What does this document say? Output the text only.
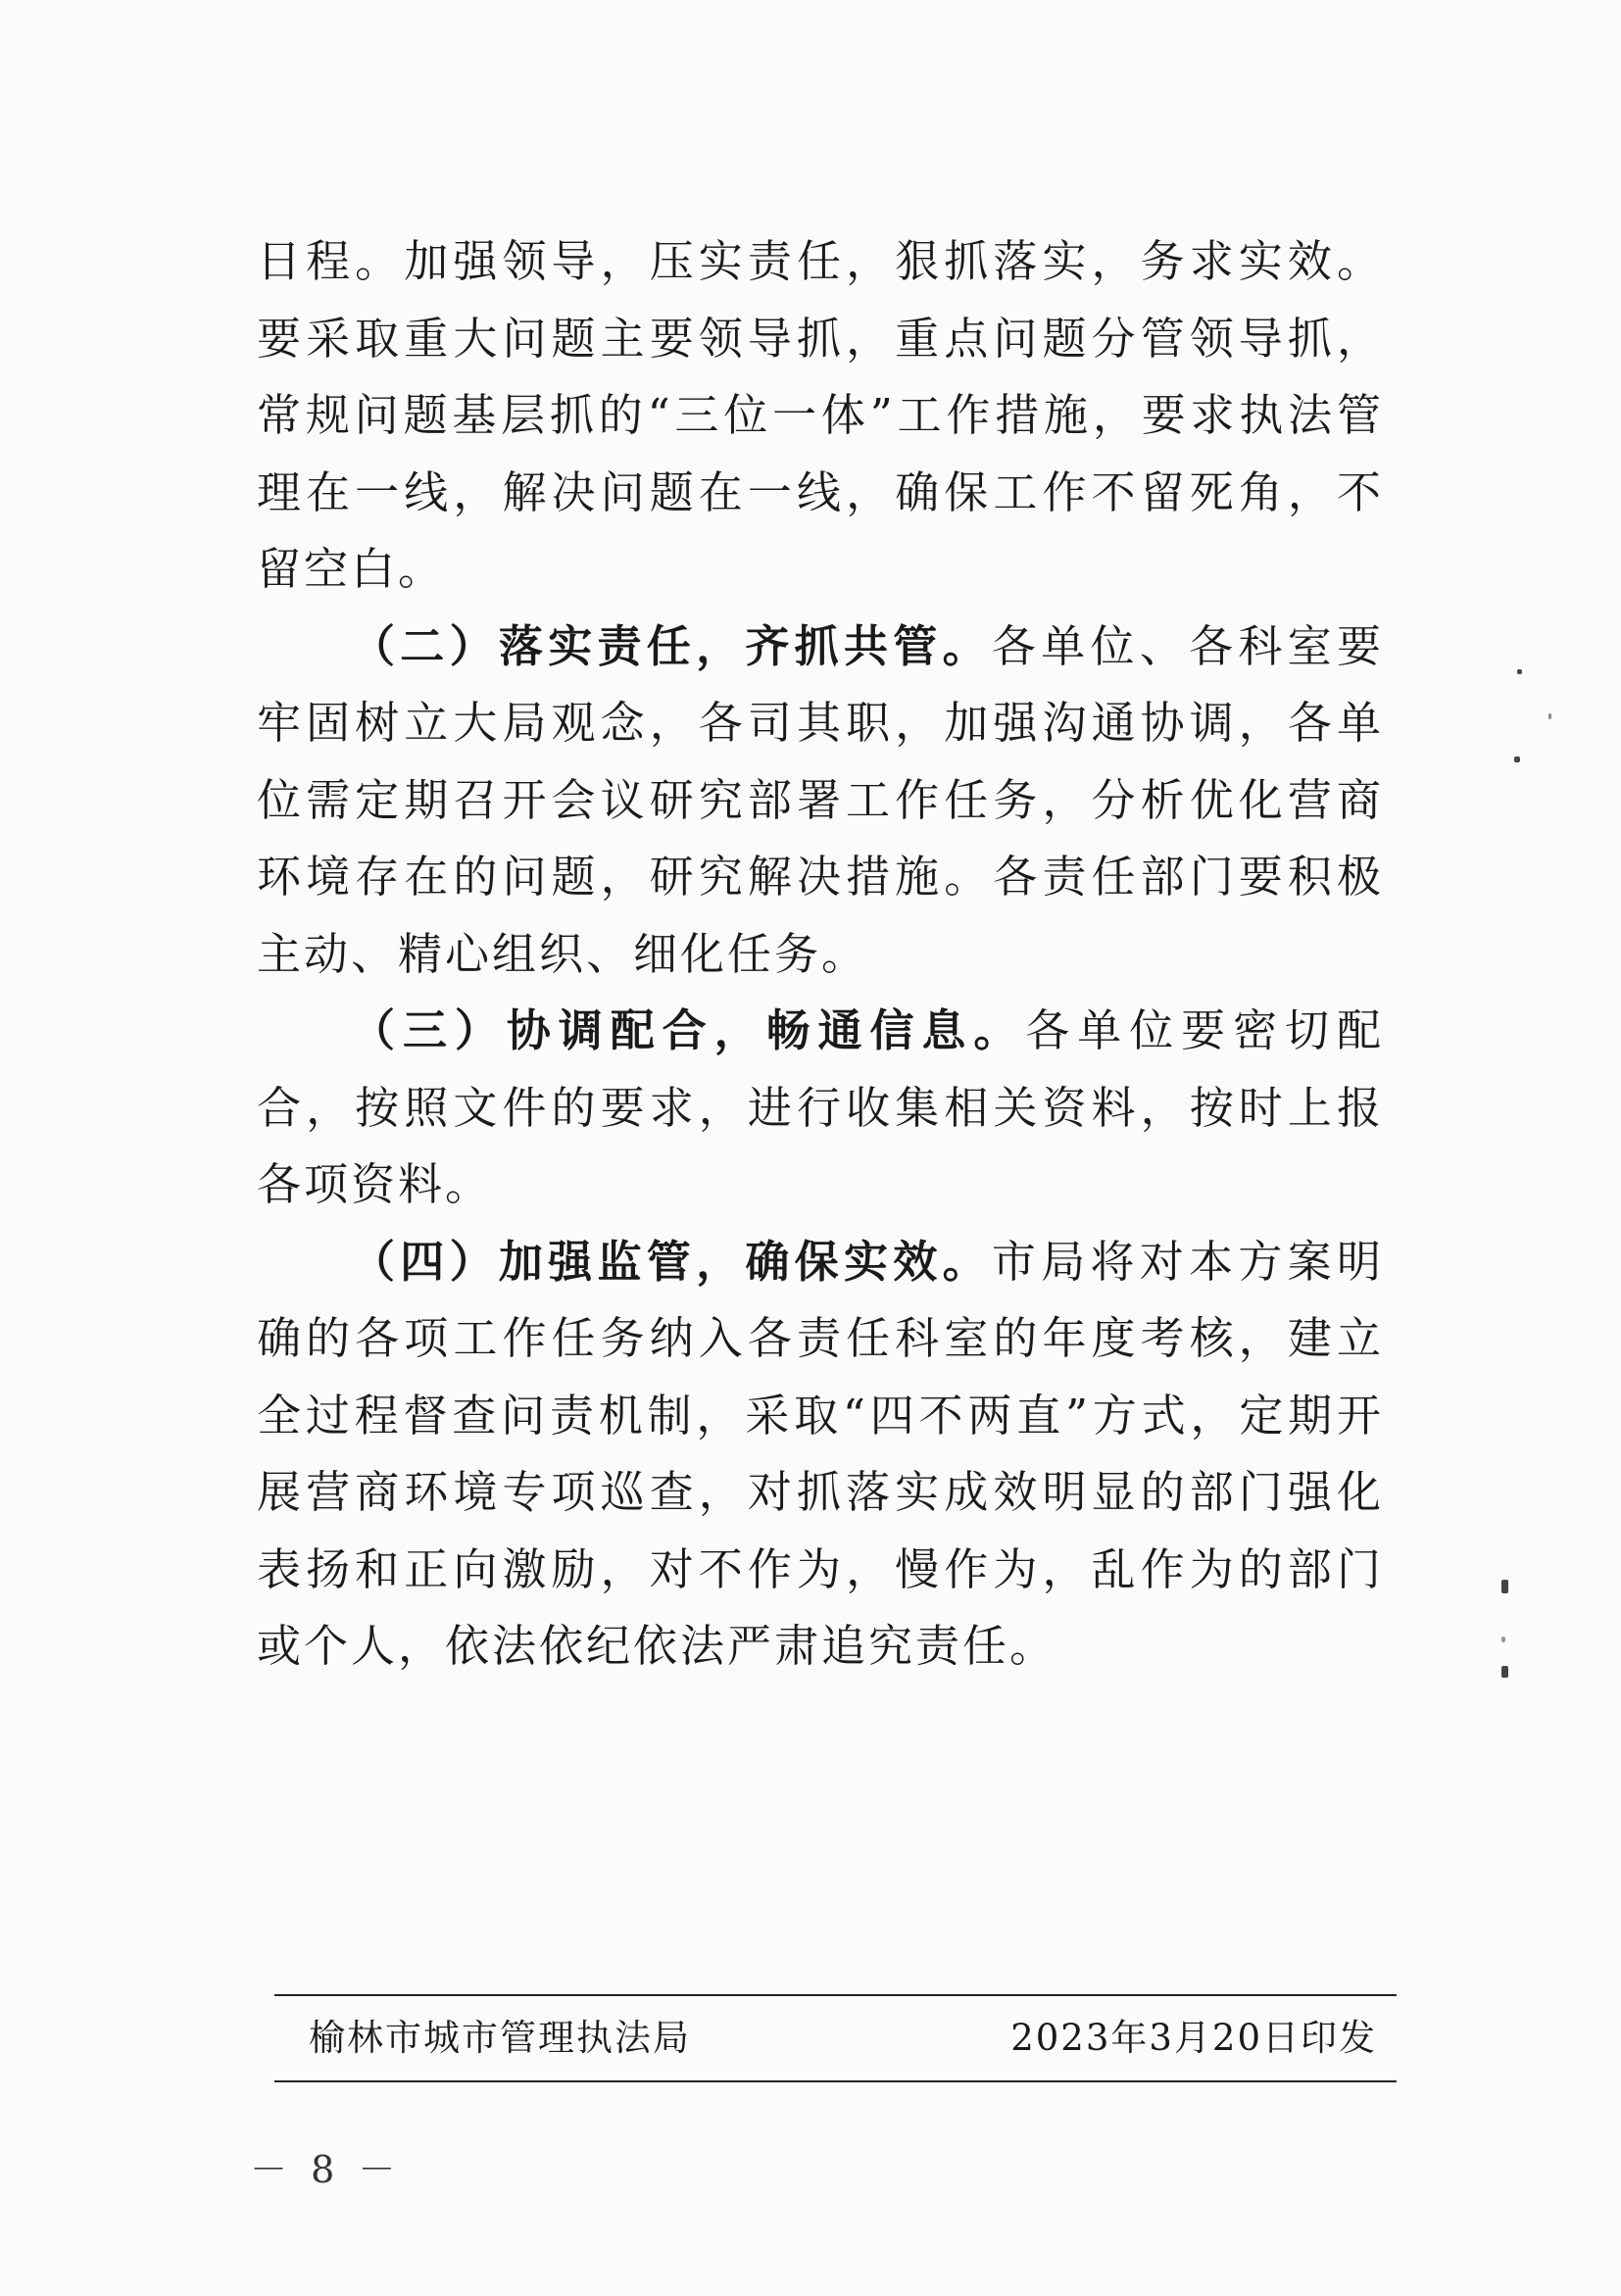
日程。加强领导，压实责任，狠抓落实，务求实效。要采取重大问题主要领导抓，重点问题分管领导抓，常规问题基层抓的“三位一体”工作措施，要求执法管理在一线，解决问题在一线，确保工作不留死角，不留空白。

（二）落实责任，齐抓共管。各单位、各科室要牢固树立大局观念，各司其职，加强沟通协调，各单位需定期召开会议研究部署工作任务，分析优化营商环境存在的问题，研究解决措施。各责任部门要积极主动、精心组织、细化任务。

（三）协调配合，畅通信息。各单位要密切配合，按照文件的要求，进行收集相关资料，按时上报各项资料。

（四）加强监管，确保实效。市局将对本方案明确的各项工作任务纳入各责任科室的年度考核，建立全过程督查问责机制，采取“四不两直”方式，定期开展营商环境专项巡查，对抓落实成效明显的部门强化表扬和正向激励，对不作为，慢作为，乱作为的部门或个人，依法依纪依法严肃追究责任。

榆林市城市管理执法局	2023年3月20日印发
－ 8 －
